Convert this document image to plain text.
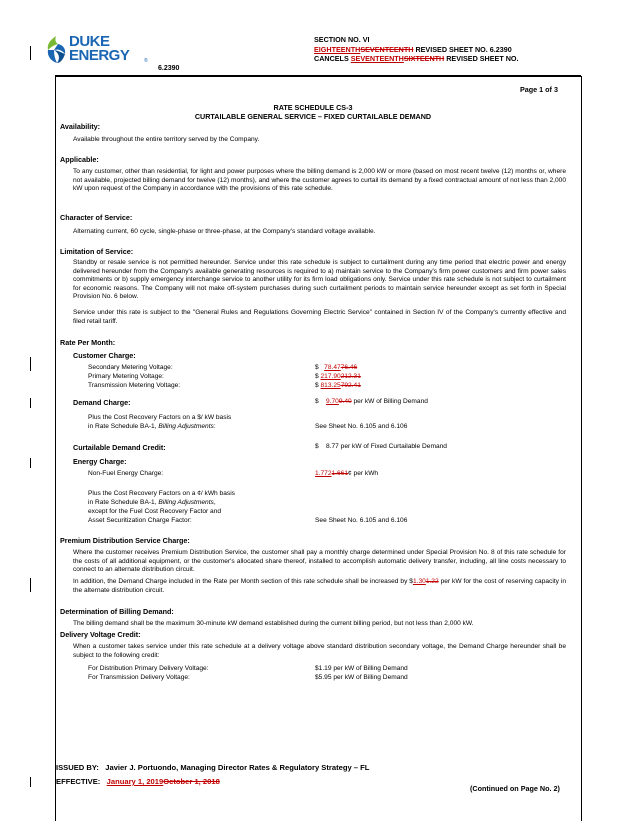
DUKE
ENERGY	®
6.2390
SECTION NO. VI
EIGHTEENTHSEVENTEENTH REVISED SHEET NO. 6.2390
CANCELS SEVENTEENTHSIXTEENTH REVISED SHEET NO.
Page 1 of 3
RATE SCHEDULE CS-3
CURTAILABLE GENERAL SERVICE – FIXED CURTAILABLE DEMAND
Availability:
Available throughout the entire territory served by the Company.
Applicable:
To any customer, other than residential, for light and power purposes where the billing demand is 2,000 kW or more (based on most recent twelve (12) months or, where not available, projected billing demand for twelve (12) months), and where the customer agrees to curtail its demand by a fixed contractual amount of not less than 2,000 kW upon request of the Company in accordance with the provisions of this rate schedule.
Character of Service:
Alternating current, 60 cycle, single-phase or three-phase, at the Company's standard voltage available.
Limitation of Service:
Standby or resale service is not permitted hereunder. Service under this rate schedule is subject to curtailment during any time period that electric power and energy delivered hereunder from the Company's available generating resources is required to a) maintain service to the Company's firm power customers and firm power sales commitments or b) supply emergency interchange service to another utility for its firm load obligations only. Service under this rate schedule is not subject to curtailment for economic reasons. The Company will not make off-system purchases during such curtailment periods to maintain service hereunder except as set forth in Special Provision No. 6 below.
Service under this rate is subject to the "General Rules and Regulations Governing Electric Service" contained in Section IV of the Company's currently effective and filed retail tariff.
Rate Per Month:
Customer Charge:
Secondary Metering Voltage:	$ 78.4776.46
Primary Metering Voltage:	$ 217.90212.31
Transmission Metering Voltage:	$ 813.25792.41
Demand Charge:	$ 9.709.40 per kW of Billing Demand
Plus the Cost Recovery Factors on a $/ kW basis
in Rate Schedule BA-1, Billing Adjustments:	See Sheet No. 6.105 and 6.106
Curtailable Demand Credit:	$ 8.77 per kW of Fixed Curtailable Demand
Energy Charge:
Non-Fuel Energy Charge:	1.7721.661¢ per kWh
Plus the Cost Recovery Factors on a ¢/ kWh basis
in Rate Schedule BA-1, Billing Adjustments,
except for the Fuel Cost Recovery Factor and
Asset Securitization Charge Factor:	See Sheet No. 6.105 and 6.106
Premium Distribution Service Charge:
Where the customer receives Premium Distribution Service, the customer shall pay a monthly charge determined under Special Provision No. 8 of this rate schedule for the costs of all additional equipment, or the customer's allocated share thereof, installed to accomplish automatic delivery transfer, including, all line costs necessary to connect to an alternate distribution circuit.
In addition, the Demand Charge included in the Rate per Month section of this rate schedule shall be increased by $1.301.22 per kW for the cost of reserving capacity in the alternate distribution circuit.
Determination of Billing Demand:
The billing demand shall be the maximum 30-minute kW demand established during the current billing period, but not less than 2,000 kW.
Delivery Voltage Credit:
When a customer takes service under this rate schedule at a delivery voltage above standard distribution secondary voltage, the Demand Charge hereunder shall be subject to the following credit:
For Distribution Primary Delivery Voltage:	$1.19 per kW of Billing Demand
For Transmission Delivery Voltage:	$5.95 per kW of Billing Demand
(Continued on Page No. 2)
ISSUED BY: Javier J. Portuondo, Managing Director Rates & Regulatory Strategy – FL
EFFECTIVE: January 1, 2019October 1, 2018
